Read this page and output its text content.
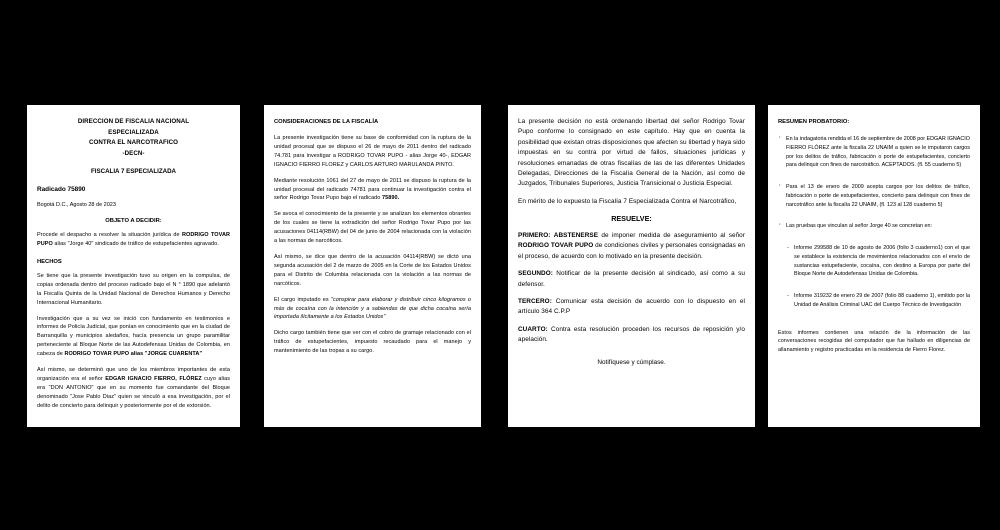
DIRECCION DE FISCALIA NACIONAL
ESPECIALIZADA
CONTRA EL NARCOTRAFICO
-DECN-
FISCALIA 7 ESPECIALIZADA
Radicado 75890
Bogotá D.C., Agosto 28 de 2023
OBJETO A DECIDIR:

Procede el despacho a resolver la situación jurídica de RODRIGO TOVAR PUPO alias "Jorge 40" sindicado de tráfico de estupefacientes agravado.

HECHOS

Se tiene que la presente investigación tuvo su origen en la compulsa, de copias ordenada dentro del proceso radicado bajo el N ° 1890 que adelantó la Fiscalía Quinta de la Unidad Nacional de Derechos Humanos y Derecho Internacional Humanitario.

Investigación que a su vez se inició con fundamento en testimonios e informes de Policía Judicial, que ponían en conocimiento que en la ciudad de Barranquilla y municipios aledaños, hacía presencia un grupo paramilitar perteneciente al Bloque Norte de las Autodefensas Unidas de Colombia, en cabeza de RODRIGO TOVAR PUPO alias "JORGE CUARENTA"

Así mismo, se determinó que uno de los miembros importantes de esta organización era el señor EDGAR IGNACIO FIERRO, FLÓREZ cuyo alias era "DON ANTONIO" que en su momento fue comandante del Bloque denominado "Jose Pablo Diaz" quien se vinculó a esa investigación, por el delito de concierto para delinquir y posteriormente por el de extorsión.

CONSIDERACIONES DE LA FISCALÍA

La presente investigación tiene su base de conformidad con la ruptura de la unidad procesal que se dispuso el 26 de mayo de 2011 dentro del radicado 74.781 para investigar a RODRIGO TOVAR PUPO - alias Jorge 40-, EDGAR IGNACIO FIERRO FLOREZ y CARLOS ARTURO MARULANDA PINTO.

Mediante resolución 1061 del 27 de mayo de 2011 se dispuso la ruptura de la unidad procesal del radicado 74781 para continuar la investigación contra el señor Rodrigo Tovar Pupo bajo el radicado 75890.

Se avoca el conocimiento de la presente y se analizan los elementos obrantes de los cuales se tiene la extradición del señor Rodrigo Tovar Pupo por las acusaciones 04114(RBW) del 04 de junio de 2004 relacionada con la violación a las normas de narcóticos.

Así mismo, se dice que dentro de la acusación 04114(RBW) se dictó una segunda acusación del 2 de marzo de 2005 en la Corte de los Estados Unidos para el Distrito de Columbia relacionada con la violación a las normas de narcóticos.

El cargo imputado es "conspirar para elaborar y distribuir cinco kilogramos o más de cocaína con la intención y a sabiendas de que dicha cocaína sería importada ilícitamente a los Estados Unidos"

Dicho cargo también tiene que ver con el cobro de gramaje relacionado con el tráfico de estupefacientes, impuesto recaudado para el manejo y mantenimiento de las tropas a su cargo.

La presente decisión no está ordenando libertad del señor Rodrigo Tovar Pupo conforme lo consignado en este capítulo. Hay que en cuenta la posibilidad que existan otras disposiciones que afecten su libertad y haya sido impuestas en su contra por virtud de fallos, situaciones jurídicas y resoluciones emanadas de otras fiscalías de las de las diferentes Unidades Delegadas, Direcciones de la Fiscalía General de la Nación, así como de Juzgados, Tribunales Superiores, Justicia Transicional o Justicia Especial.

En mérito de lo expuesto la Fiscalía 7 Especializada Contra el Narcotráfico,

RESUELVE:

PRIMERO: ABSTENERSE de imponer medida de aseguramiento al señor RODRIGO TOVAR PUPO de condiciones civiles y personales consignadas en el proceso, de acuerdo con lo motivado en la presente decisión.

SEGUNDO: Notificar de la presente decisión al sindicado, así como a su defensor.

TERCERO: Comunicar esta decisión de acuerdo con lo dispuesto en el artículo 364 C.P.P

CUARTO: Contra esta resolución proceden los recursos de reposición y/o apelación.

Notifíquese y cúmplase.
RESUMEN PROBATORIO:
· En la indagatoria rendida el 16 de septiembre de 2008 por EDGAR IGNACIO FIERRO FLÓREZ ante la fiscalía 22 UNAIM a quien se le imputaron cargos por los delitos de tráfico, fabricación o porte de estupefacientes, concierto para delinquir con fines de narcotráfico. ACEPTADOS. (fl. 55 cuaderno 5)
· Para el 13 de enero de 2009 acepta cargos por los delitos de tráfico, fabricación o porte de estupefacientes, concierto para delinquir con fines de narcotráfico ante la fiscalía 22 UNAIM, (fl. 123 al 128 cuaderno 5)
· Las pruebas que vinculan al señor Jorge 40 se concretan en:
- Informe 299588 de 10 de agosto de 2006 (folio 3 cuaderno1) con el que se establece la existencia de movimientos relacionados con el envío de sustancias estupefaciente, cocaína, con destino a Europa por parte del Bloque Norte de Autodefensas Unidas de Colombia.
- Informe 319232 de enero 29 de 2007 (folio 88 cuaderno 1), emitido por la Unidad de Análisis Criminal UAC del Cuerpo Técnico de Investigación

Estos informes contienen una relación de la información de las conversaciones recogidas del computador que fue hallado en diligencias de allanamiento y registro practicadas en la residencia de Fierro Florez.
